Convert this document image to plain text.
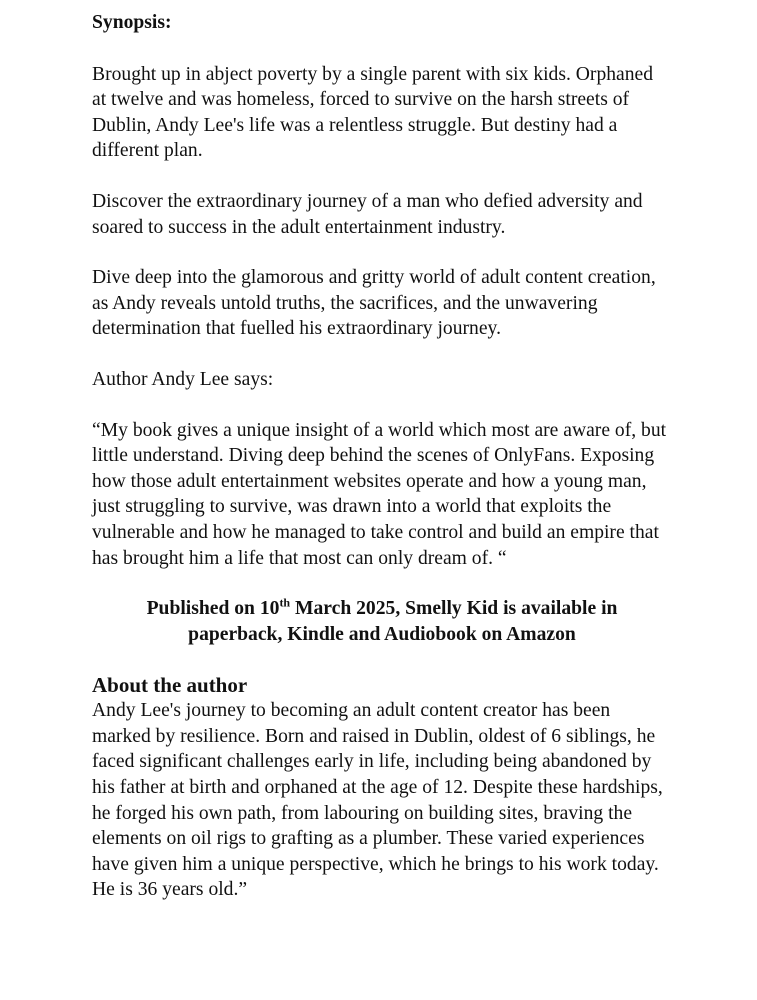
Synopsis:

Brought up in abject poverty by a single parent with six kids. Orphaned at twelve and was homeless, forced to survive on the harsh streets of Dublin, Andy Lee's life was a relentless struggle. But destiny had a different plan.

Discover the extraordinary journey of a man who defied adversity and soared to success in the adult entertainment industry.

Dive deep into the glamorous and gritty world of adult content creation, as Andy reveals untold truths, the sacrifices, and the unwavering determination that fuelled his extraordinary journey.

Author Andy Lee says:

“My book gives a unique insight of a world which most are aware of, but little understand. Diving deep behind the scenes of OnlyFans. Exposing how those adult entertainment websites operate and how a young man, just struggling to survive, was drawn into a world that exploits the vulnerable and how he managed to take control and build an empire that has brought him a life that most can only dream of. “

Published on 10th March 2025, Smelly Kid is available in
paperback, Kindle and Audiobook on Amazon
About the author

Andy Lee's journey to becoming an adult content creator has been marked by resilience. Born and raised in Dublin, oldest of 6 siblings, he faced significant challenges early in life, including being abandoned by his father at birth and orphaned at the age of 12. Despite these hardships, he forged his own path, from labouring on building sites, braving the elements on oil rigs to grafting as a plumber. These varied experiences have given him a unique perspective, which he brings to his work today. He is 36 years old.”
